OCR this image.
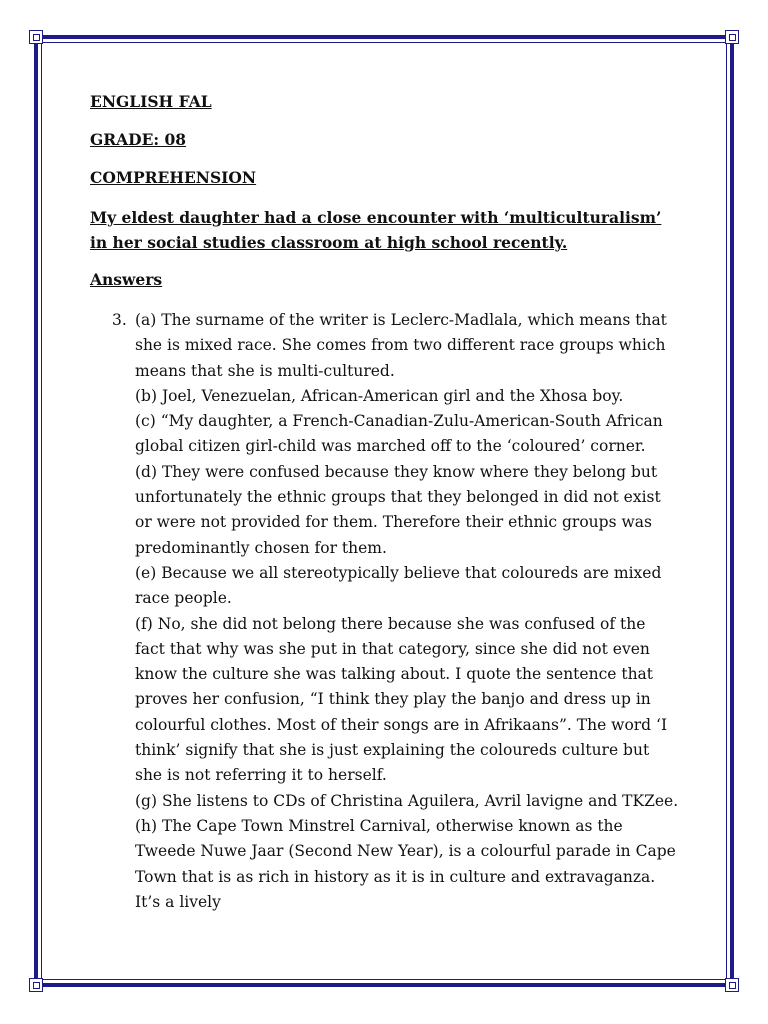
ENGLISH FAL
GRADE: 08
COMPREHENSION
My eldest daughter had a close encounter with ‘multiculturalism’ in her social studies classroom at high school recently.
Answers
3. (a) The surname of the writer is Leclerc-Madlala, which means that she is mixed race. She comes from two different race groups which means that she is multi-cultured.

(b) Joel, Venezuelan, African-American girl and the Xhosa boy.

(c) “My daughter, a French-Canadian-Zulu-American-South African global citizen girl-child was marched off to the ‘coloured’ corner.

(d) They were confused because they know where they belong but unfortunately the ethnic groups that they belonged in did not exist or were not provided for them. Therefore their ethnic groups was predominantly chosen for them.

(e) Because we all stereotypically believe that coloureds are mixed race people.

(f) No, she did not belong there because she was confused of the fact that why was she put in that category, since she did not even know the culture she was talking about. I quote the sentence that proves her confusion, “I think they play the banjo and dress up in colourful clothes. Most of their songs are in Afrikaans”. The word ‘I think’ signify that she is just explaining the coloureds culture but she is not referring it to herself.

(g) She listens to CDs of Christina Aguilera, Avril lavigne and TKZee.

(h) The Cape Town Minstrel Carnival, otherwise known as the Tweede Nuwe Jaar (Second New Year), is a colourful parade in Cape Town that is as rich in history as it is in culture and extravaganza. It’s a lively
